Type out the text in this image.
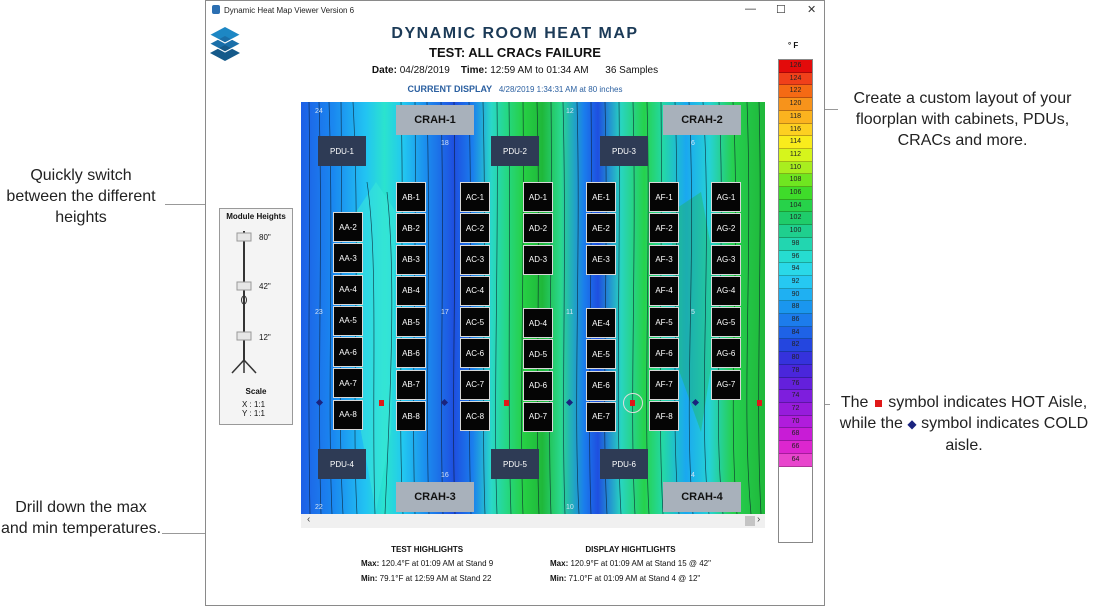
Quickly switch between the different heights
Create a custom layout of your floorplan with cabinets, PDUs, CRACs and more.
The symbol indicates HOT Aisle, while the ◆ symbol indicates COLD aisle.
Drill down the max and min temperatures.
Dynamic Heat Map Viewer Version 6	— ☐ ✕
DYNAMIC ROOM HEAT MAP
TEST: ALL CRACs FAILURE
Date: 04/28/2019 Time: 12:59 AM to 01:34 AM 36 Samples
CURRENT DISPLAY 4/28/2019 1:34:31 AM at 80 inches
24	12
18	6
23	17	11	5
22
16
10
4
CRAH-1	CRAH-2
CRAH-3	CRAH-4
PDU-1	PDU-2	PDU-3
PDU-4	PDU-5	PDU-6
AA-2
AA-3
AA-4
AA-5
AA-6
AA-7
AA-8
AB-1
AB-2
AB-3
AB-4
AB-5
AB-6
AB-7
AB-8
AC-1
AC-2
AC-3
AC-4
AC-5
AC-6
AC-7
AC-8
AD-1
AD-2
AD-3
AD-4
AD-5
AD-6
AD-7
AE-1
AE-2
AE-3
AE-4
AE-5
AE-6
AE-7
AF-1
AF-2
AF-3
AF-4
AF-5
AF-6
AF-7
AF-8
AG-1
AG-2
AG-3
AG-4
AG-5
AG-6
AG-7
‹	›
Module Heights
80"
42"
12"
Scale
X : 1:1
Y : 1:1
° F
126
124
122
120
118
116
114
112
110
108
106
104
102
100
98
96
94
92
90
88
86
84
82
80
78
76
74
72
70
68
66
64
TEST HIGHLIGHTS
Max: 120.4°F at 01:09 AM at Stand 9
Min: 79.1°F at 12:59 AM at Stand 22
DISPLAY HIGHTLIGHTS
Max: 120.9°F at 01:09 AM at Stand 15 @ 42"
Min: 71.0°F at 01:09 AM at Stand 4 @ 12"
